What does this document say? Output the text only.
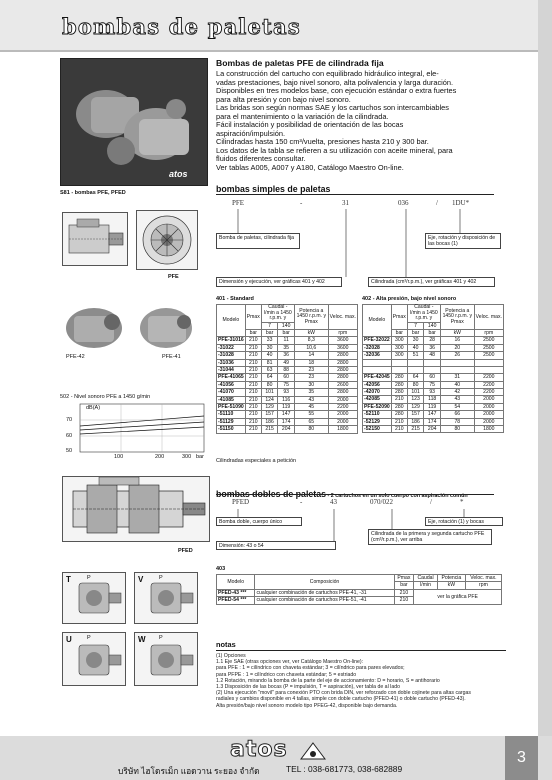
bombas de paletas
atos
S81 - bombas PFE, PFED
Bombas de paletas PFE de cilindrada fija
La construcción del cartucho con equilibrado hidráulico integral, ele-
vadas prestaciones, bajo nivel sonoro, alta polivalencia y larga duración.
Disponibles en tres modelos base, con ejecución estándar o extra fuertes
para alta presión y con bajo nivel sonoro.
Las bridas son según normas SAE y los cartuchos son intercambiables
para el mantenimiento o la variación de la cilindrada.
Fácil instalación y posibilidad de orientación de las bocas
aspiración/impulsión.
Cilindradas hasta 150 cm³/vuelta, presiones hasta 210 y 300 bar.
Los datos de la tabla se refieren a su utilización con aceite mineral, para
fluidos diferentes consultar.
Ver tablas A005, A007 y A180, Catálogo Maestro On-line.
bombas simples de paletas
PFE	-	31	036	/ 1DU*
Bomba de paletas, cilindrada fija	Eje, rotación y disposición de las bocas (1)
Dimensión y ejecución, ver gráficas 401 y 402	Cilindrada (cm³/r.p.m.), ver gráficas 401 y 402
PFE
PFE-42	PFE-41
502 - Nivel sonoro PFE a 1450 g/min
dB(A)
70
60
50
100	200	300 bar
401 - Standard
Modelo	Pmax	Caudal - l/min a 1450 r.p.m. y		Potencia a 1450 r.p.m. y Pmax	Veloc. max.
		7	140		
	bar	bar	bar	kW	rpm
PFE-31016	210	33	11	8,3	3600
-31022	210	30	35	10,6	3600
-31028	210	40	36	14	2800
-31036	210	81	49	18	2800
-31044	210	63	88	23	2800
PFE-41065	210	64	60	23	2800
-41056	210	80	75	30	2600
-41070	210	101	93	35	2800
-41085	210	124	116	43	2000
PFE-51090	210	129	119	45	2200
-51110	210	157	147	55	2000
-51129	210	186	174	65	2000
-51150	210	215	204	80	1800
Cilindradas especiales a petición
402 - Alta presión, bajo nivel sonoro
Modelo	Pmax	Caudal - l/min a 1450 r.p.m. y		Potencia a 1450 r.p.m. y Pmax	Veloc. max.
		7	140		
	bar	bar	bar	kW	rpm
PFE-32022	300	30	28	16	2500
-32028	300	40	36	20	2500
-32036	300	51	48	26	2500

PFE-42045	280	64	60	31	2200
-42056	280	80	75	40	2200
-42070	280	101	93	42	2200
-42085	210	123	118	43	2000
PFE-52090	280	129	119	54	2000
-52110	280	157	147	66	2000
-52129	210	186	174	78	2000
-52150	210	215	204	80	1800
PFED
bombas dobles de paletas - 2 cartuchos en un solo cuerpo con aspiración común
PFED	-	43	070/022	/	*
Bomba doble, cuerpo único	Eje, rotación (1) y bocas
Dimensión: 43 o 54
Cilindrada de la primera y segunda cartucho PFE (cm³/r.p.m.), ver arriba
403
Modelo	Composición	Pmax	Caudal	Potencia	Veloc. max.
		bar	l/min	kW	rpm
PFED-43 ***	cualquier combinación de cartuchos PFE-41, -31	210	ver la gráfica PFE		
PFED-54 ***	cualquier combinación de cartuchos PFE-51, -41	210			
T	P	V	P
U	P	W P
notas
(1) Opciones
1.1 Eje SAE (otras opciones ver, ver Catálogo Maestro On-line):
para PFE : 1 = cilíndrico con chaveta estándar; 3 = cilíndrico para pares elevados;
para PFPE : 1 = cilíndrico con chaveta estándar; 5 = estriado
1.2 Rotación, mirando la bomba de la parte del eje de accionamiento: D = horario, S = antihorario
1.3 Disposición de las bocas (P = impulsión, T = aspiración), ver tabla de al lado
(2) Una ejecución "movil" para conexión PTO con brida DIN, ver reforzado con doble cojinete para altas cargas
radiales y cambios disponible en 4 tallas, simple con doble cartucho (PFED-41) o doble cartucho (PFED-43).
Alta presión/bajo nivel sonoro modelo tipo PFEG-42, disponible bajo demanda.
atos
บริษัท ไฮโดรเม็ก แอดวาน ระยอง จำกัด	TEL : 038-681773, 038-682889
3
